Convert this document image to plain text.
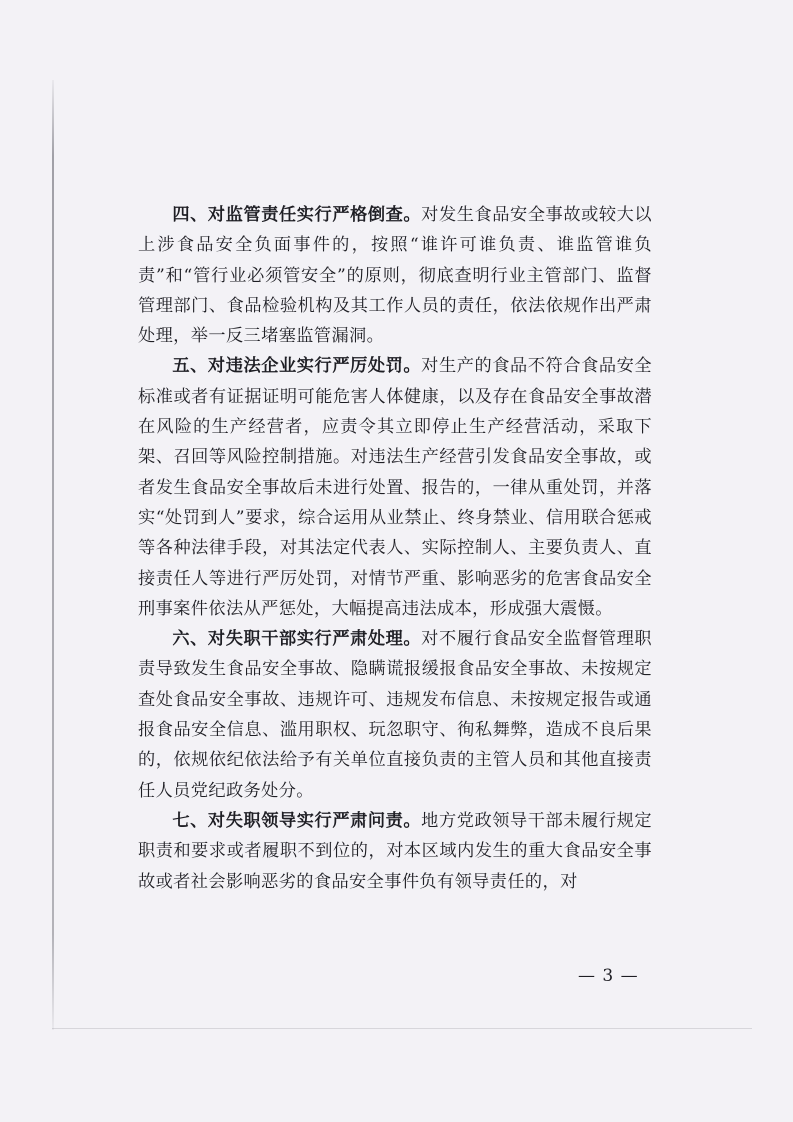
四、对监管责任实行严格倒查。对发生食品安全事故或较大以上涉食品安全负面事件的，按照“谁许可谁负责、谁监管谁负责”和“管行业必须管安全”的原则，彻底查明行业主管部门、监督管理部门、食品检验机构及其工作人员的责任，依法依规作出严肃处理，举一反三堵塞监管漏洞。

五、对违法企业实行严厉处罚。对生产的食品不符合食品安全标准或者有证据证明可能危害人体健康，以及存在食品安全事故潜在风险的生产经营者，应责令其立即停止生产经营活动，采取下架、召回等风险控制措施。对违法生产经营引发食品安全事故，或者发生食品安全事故后未进行处置、报告的，一律从重处罚，并落实“处罚到人”要求，综合运用从业禁止、终身禁业、信用联合惩戒等各种法律手段，对其法定代表人、实际控制人、主要负责人、直接责任人等进行严厉处罚，对情节严重、影响恶劣的危害食品安全刑事案件依法从严惩处，大幅提高违法成本，形成强大震慑。

六、对失职干部实行严肃处理。对不履行食品安全监督管理职责导致发生食品安全事故、隐瞒谎报缓报食品安全事故、未按规定查处食品安全事故、违规许可、违规发布信息、未按规定报告或通报食品安全信息、滥用职权、玩忽职守、徇私舞弊，造成不良后果的，依规依纪依法给予有关单位直接负责的主管人员和其他直接责任人员党纪政务处分。

七、对失职领导实行严肃问责。地方党政领导干部未履行规定职责和要求或者履职不到位的，对本区域内发生的重大食品安全事故或者社会影响恶劣的食品安全事件负有领导责任的，对

— 3 —
